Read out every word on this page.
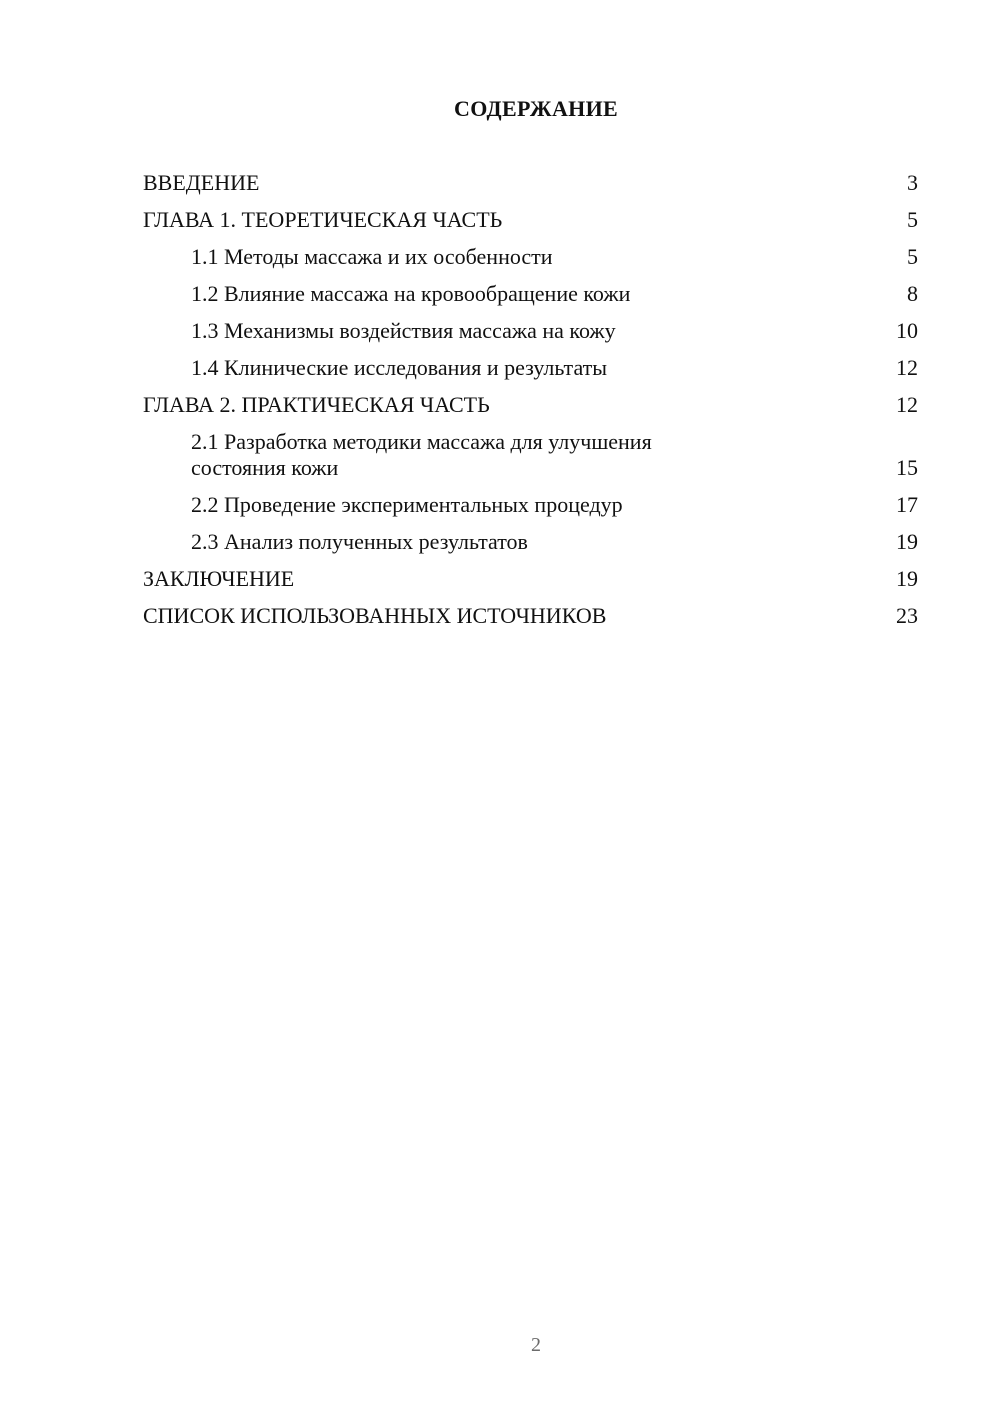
СОДЕРЖАНИЕ
ВВЕДЕНИЕ	3
ГЛАВА 1. ТЕОРЕТИЧЕСКАЯ ЧАСТЬ	5
1.1 Методы массажа и их особенности	5
1.2 Влияние массажа на кровообращение кожи	8
1.3 Механизмы воздействия массажа на кожу	10
1.4 Клинические исследования и результаты	12
ГЛАВА 2. ПРАКТИЧЕСКАЯ ЧАСТЬ	12
2.1 Разработка методики массажа для улучшения
состояния кожи	15
2.2 Проведение экспериментальных процедур	17
2.3 Анализ полученных результатов	19
ЗАКЛЮЧЕНИЕ	19
СПИСОК ИСПОЛЬЗОВАННЫХ ИСТОЧНИКОВ	23
2
